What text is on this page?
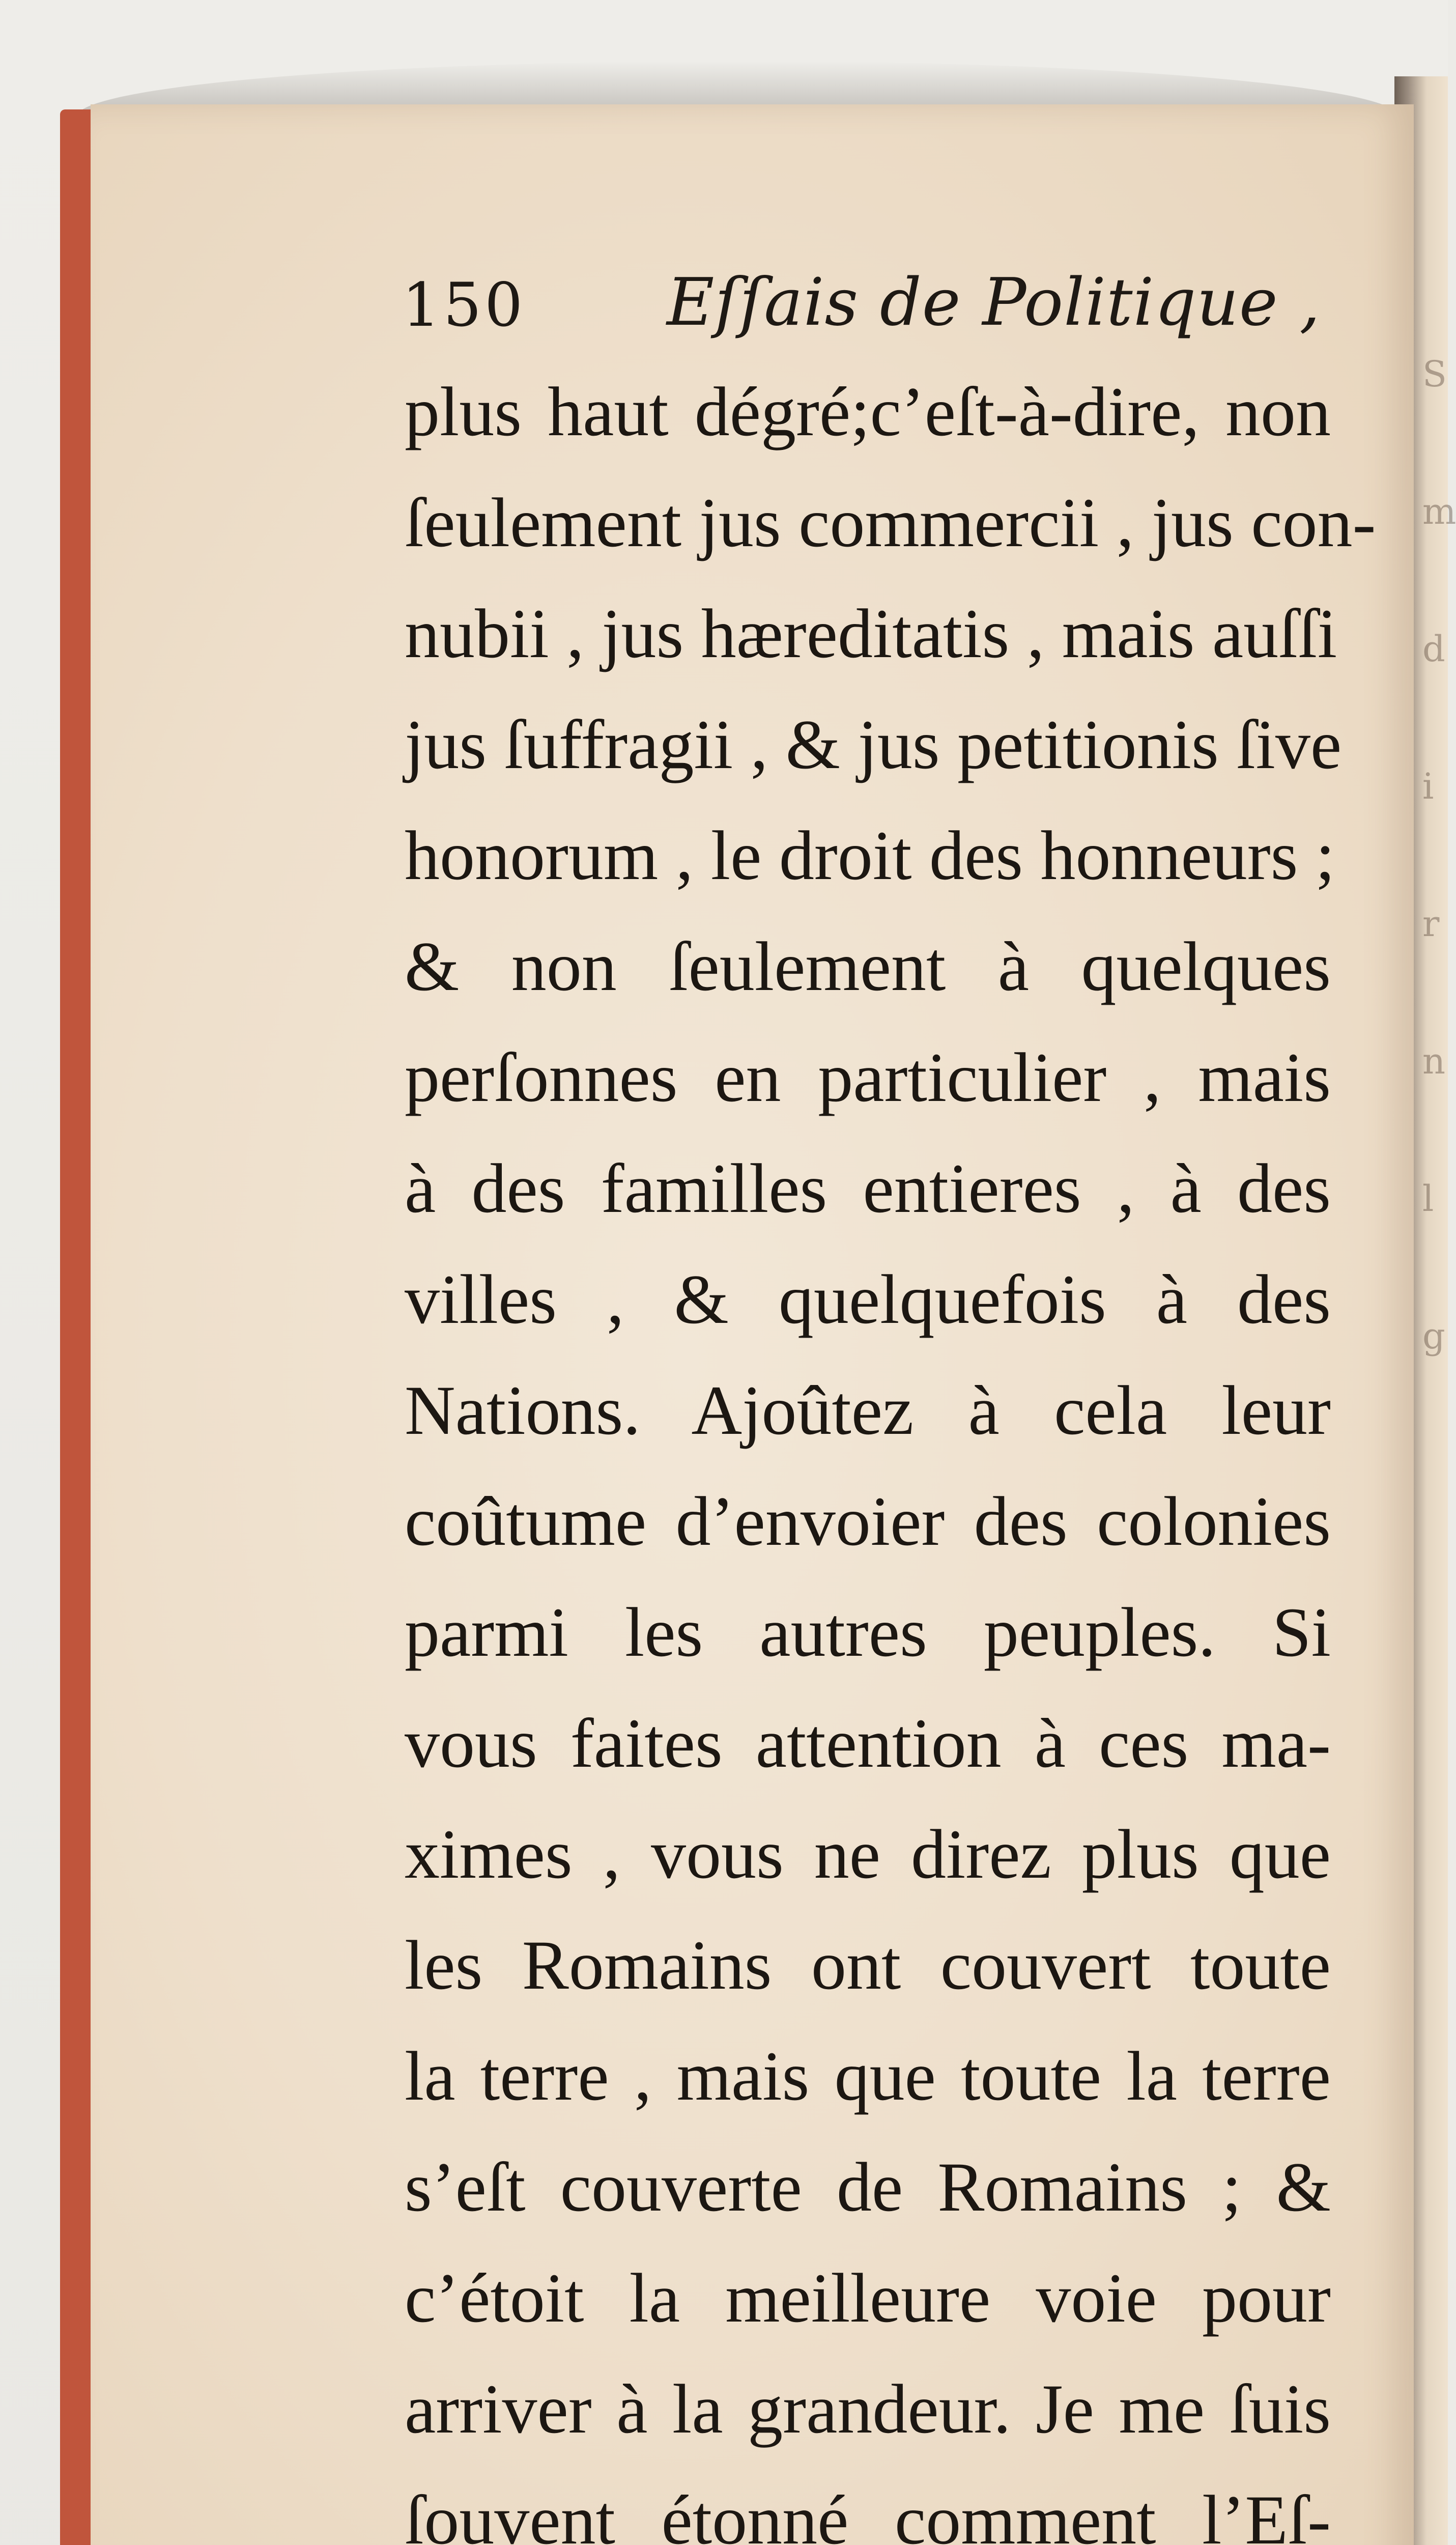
S
m
d
i
r
n
l
g
150 Eſſais de Politique ,
plus haut dégré;c’eſt-à-dire, non
ſeulement jus commercii , jus con-
nubii , jus hæreditatis , mais auſſi
jus ſuffragii , & jus petitionis ſive
honorum , le droit des honneurs ;
& non ſeulement à quelques
perſonnes en particulier , mais
à des familles entieres , à des
villes , & quelquefois à des
Nations. Ajoûtez à cela leur
coûtume d’envoier des colonies
parmi les autres peuples. Si
vous faites attention à ces ma-
ximes , vous ne direz plus que
les Romains ont couvert toute
la terre , mais que toute la terre
s’eſt couverte de Romains ; &
c’étoit la meilleure voie pour
arriver à la grandeur. Je me ſuis
ſouvent étonné comment l’Eſ-
